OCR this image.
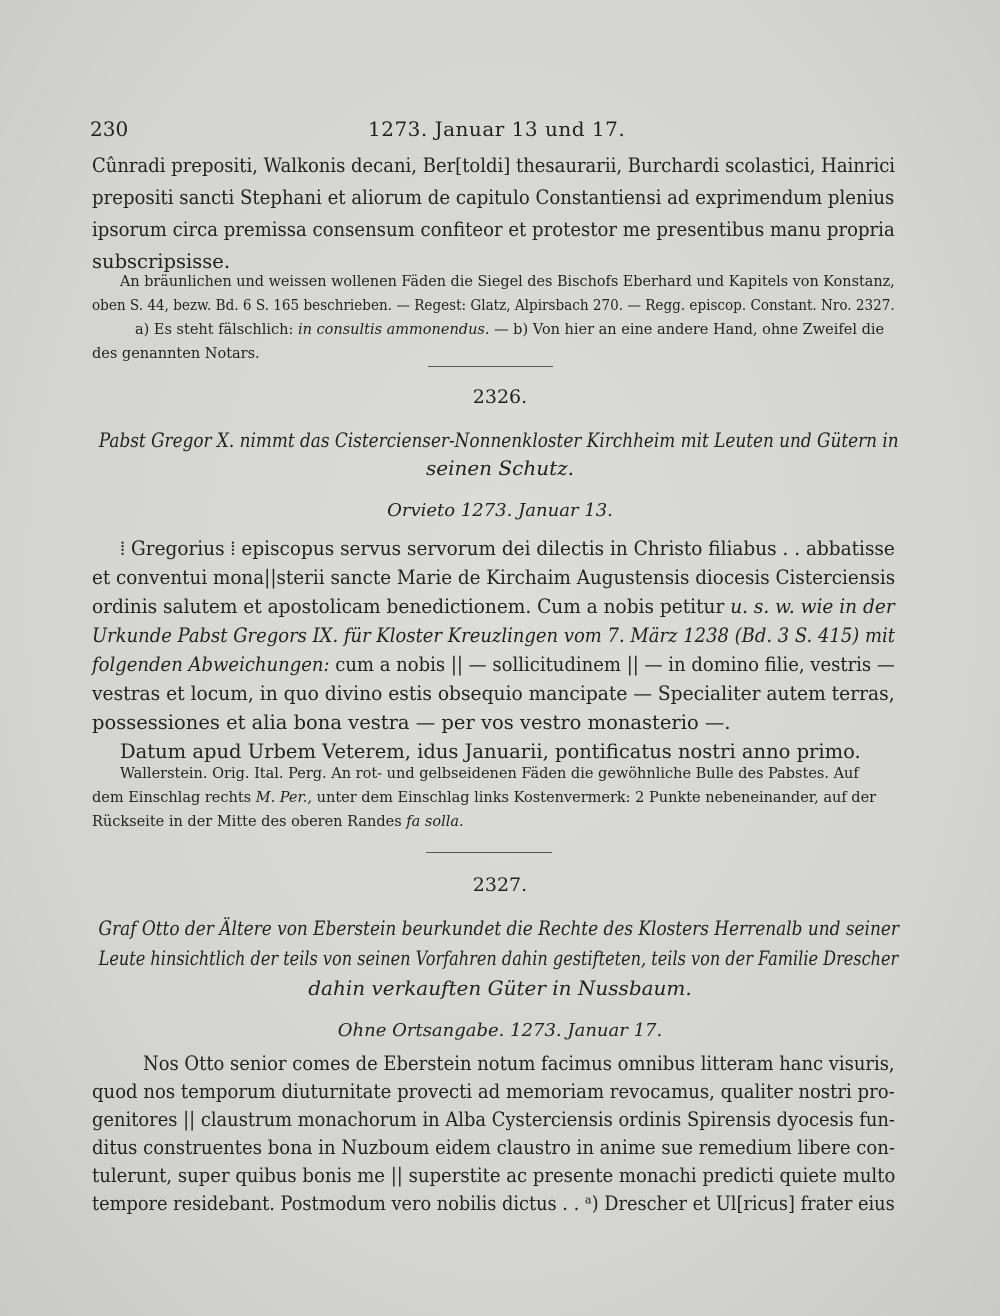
230	1273. Januar 13 und 17.
Cûnradi prepositi, Walkonis decani, Ber[toldi] thesaurarii, Burchardi scolastici, Hainrici
prepositi sancti Stephani et aliorum de capitulo Constantiensi ad exprimendum plenius
ipsorum circa premissa consensum confiteor et protestor me presentibus manu propria
subscripsisse.
An bräunlichen und weissen wollenen Fäden die Siegel des Bischofs Eberhard und Kapitels von Konstanz,
oben S. 44, bezw. Bd. 6 S. 165 beschrieben. — Regest: Glatz, Alpirsbach 270. — Regg. episcop. Constant. Nro. 2327.
a) Es steht fälschlich: in consultis ammonendus. — b) Von hier an eine andere Hand, ohne Zweifel die
des genannten Notars.
2326.
Pabst Gregor X. nimmt das Cistercienser-Nonnenkloster Kirchheim mit Leuten und Gütern in
seinen Schutz.
Orvieto 1273. Januar 13.
⁞ Gregorius ⁞ episcopus servus servorum dei dilectis in Christo filiabus . . abbatisse
et conventui mona||sterii sancte Marie de Kirchaim Augustensis diocesis Cisterciensis
ordinis salutem et apostolicam benedictionem. Cum a nobis petitur u. s. w. wie in der
Urkunde Pabst Gregors IX. für Kloster Kreuzlingen vom 7. März 1238 (Bd. 3 S. 415) mit
folgenden Abweichungen: cum a nobis || — sollicitudinem || — in domino filie, vestris —
vestras et locum, in quo divino estis obsequio mancipate — Specialiter autem terras,
possessiones et alia bona vestra — per vos vestro monasterio —.
Datum apud Urbem Veterem, idus Januarii, pontificatus nostri anno primo.
Wallerstein. Orig. Ital. Perg. An rot- und gelbseidenen Fäden die gewöhnliche Bulle des Pabstes. Auf
dem Einschlag rechts M. Per., unter dem Einschlag links Kostenvermerk: 2 Punkte nebeneinander, auf der
Rückseite in der Mitte des oberen Randes fa solla.
2327.
Graf Otto der Ältere von Eberstein beurkundet die Rechte des Klosters Herrenalb und seiner
Leute hinsichtlich der teils von seinen Vorfahren dahin gestifteten, teils von der Familie Drescher
dahin verkauften Güter in Nussbaum.
Ohne Ortsangabe. 1273. Januar 17.
Nos Otto senior comes de Eberstein notum facimus omnibus litteram hanc visuris,
quod nos temporum diuturnitate provecti ad memoriam revocamus, qualiter nostri pro-
genitores || claustrum monachorum in Alba Cysterciensis ordinis Spirensis dyocesis fun-
ditus construentes bona in Nuzboum eidem claustro in anime sue remedium libere con-
tulerunt, super quibus bonis me || superstite ac presente monachi predicti quiete multo
tempore residebant. Postmodum vero nobilis dictus . . ᵃ) Drescher et Ul[ricus] frater eius
